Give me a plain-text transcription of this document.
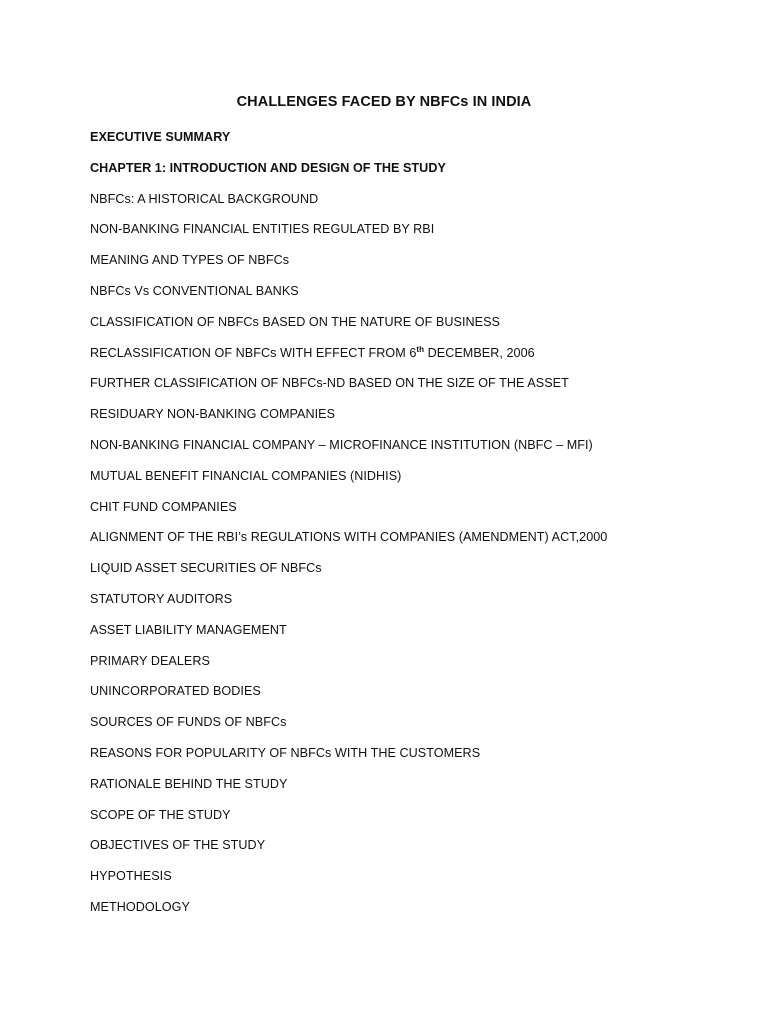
CHALLENGES FACED BY NBFCs IN INDIA
EXECUTIVE SUMMARY
CHAPTER 1: INTRODUCTION AND DESIGN OF THE STUDY
NBFCs: A HISTORICAL BACKGROUND
NON-BANKING FINANCIAL ENTITIES REGULATED BY RBI
MEANING AND TYPES OF NBFCs
NBFCs Vs CONVENTIONAL BANKS
CLASSIFICATION OF NBFCs BASED ON THE NATURE OF BUSINESS
RECLASSIFICATION OF NBFCs WITH EFFECT FROM 6th DECEMBER, 2006
FURTHER CLASSIFICATION OF NBFCs-ND BASED ON THE SIZE OF THE ASSET
RESIDUARY NON-BANKING COMPANIES
NON-BANKING FINANCIAL COMPANY – MICROFINANCE INSTITUTION (NBFC – MFI)
MUTUAL BENEFIT FINANCIAL COMPANIES (NIDHIS)
CHIT FUND COMPANIES
ALIGNMENT OF THE RBI’s REGULATIONS WITH COMPANIES (AMENDMENT) ACT,2000
LIQUID ASSET SECURITIES OF NBFCs
STATUTORY AUDITORS
ASSET LIABILITY MANAGEMENT
PRIMARY DEALERS
UNINCORPORATED BODIES
SOURCES OF FUNDS OF NBFCs
REASONS FOR POPULARITY OF NBFCs WITH THE CUSTOMERS
RATIONALE BEHIND THE STUDY
SCOPE OF THE STUDY
OBJECTIVES OF THE STUDY
HYPOTHESIS
METHODOLOGY
